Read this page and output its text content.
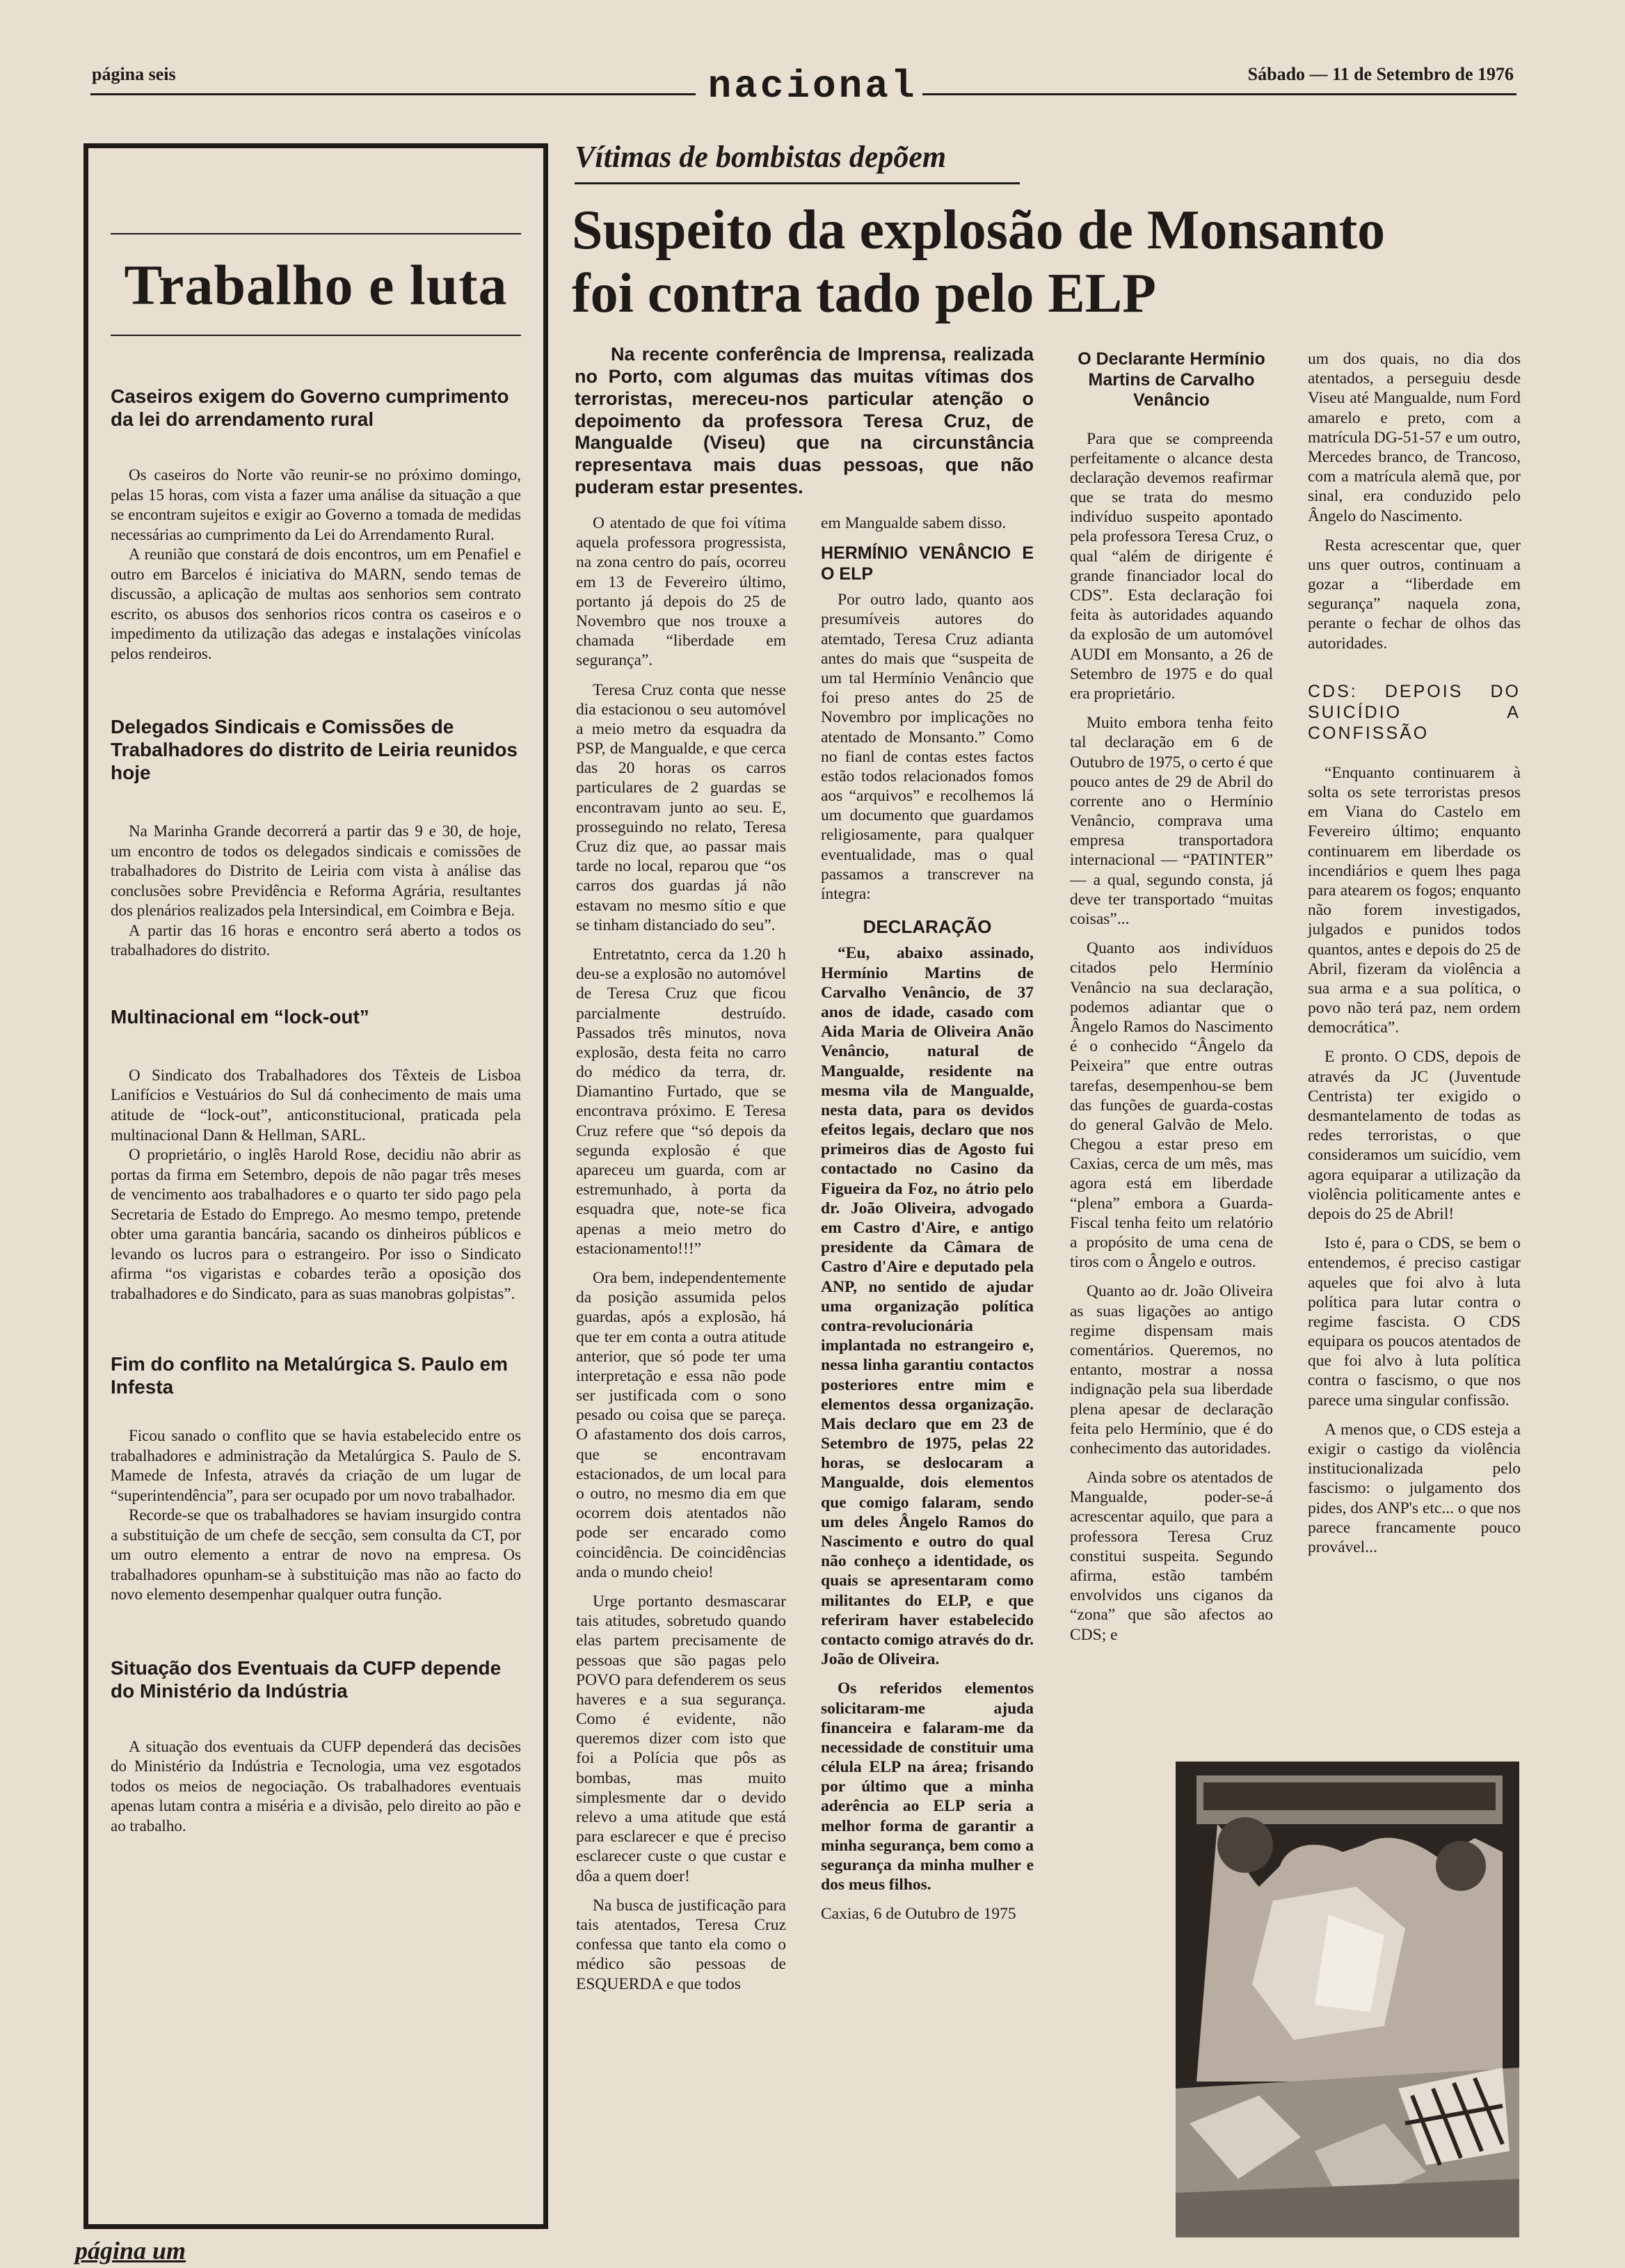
página seis	nacional	Sábado — 11 de Setembro de 1976
Trabalho e luta
Caseiros exigem do Governo cumprimento da lei do arrendamento rural

Os caseiros do Norte vão reunir-se no próximo domingo, pelas 15 horas, com vista a fazer uma análise da situação a que se encontram sujeitos e exigir ao Governo a tomada de medidas necessárias ao cumprimento da Lei do Arrendamento Rural.

A reunião que constará de dois encontros, um em Penafiel e outro em Barcelos é iniciativa do MARN, sendo temas de discussão, a aplicação de multas aos senhorios sem contrato escrito, os abusos dos senhorios ricos contra os caseiros e o impedimento da utilização das adegas e instalações vinícolas pelos rendeiros.

Delegados Sindicais e Comissões de Trabalhadores do distrito de Leiria reunidos hoje

Na Marinha Grande decorrerá a partir das 9 e 30, de hoje, um encontro de todos os delegados sindicais e comissões de trabalhadores do Distrito de Leiria com vista à análise das conclusões sobre Previdência e Reforma Agrária, resultantes dos plenários realizados pela Intersindical, em Coimbra e Beja.

A partir das 16 horas e encontro será aberto a todos os trabalhadores do distrito.

Multinacional em “lock-out”

O Sindicato dos Trabalhadores dos Têxteis de Lisboa Lanifícios e Vestuários do Sul dá conhecimento de mais uma atitude de “lock-out”, anticonstitucional, praticada pela multinacional Dann & Hellman, SARL.

O proprietário, o inglês Harold Rose, decidiu não abrir as portas da firma em Setembro, depois de não pagar três meses de vencimento aos trabalhadores e o quarto ter sido pago pela Secretaria de Estado do Emprego. Ao mesmo tempo, pretende obter uma garantia bancária, sacando os dinheiros públicos e levando os lucros para o estrangeiro. Por isso o Sindicato afirma “os vigaristas e cobardes terão a oposição dos trabalhadores e do Sindicato, para as suas manobras golpistas”.

Fim do conflito na Metalúrgica S. Paulo em Infesta

Ficou sanado o conflito que se havia estabelecido entre os trabalhadores e administração da Metalúrgica S. Paulo de S. Mamede de Infesta, através da criação de um lugar de “superintendência”, para ser ocupado por um novo trabalhador.

Recorde-se que os trabalhadores se haviam insurgido contra a substituição de um chefe de secção, sem consulta da CT, por um outro elemento a entrar de novo na empresa. Os trabalhadores opunham-se à substituição mas não ao facto do novo elemento desempenhar qualquer outra função.

Situação dos Eventuais da CUFP depende do Ministério da Indústria

A situação dos eventuais da CUFP dependerá das decisões do Ministério da Indústria e Tecnologia, uma vez esgotados todos os meios de negociação. Os trabalhadores eventuais apenas lutam contra a miséria e a divisão, pelo direito ao pão e ao trabalho.

Vítimas de bombistas depõem
Suspeito da explosão de Monsanto
foi contra tado pelo ELP
Na recente conferência de Imprensa, realizada no Porto, com algumas das muitas vítimas dos terroristas, mereceu-nos particular atenção o depoimento da professora Teresa Cruz, de Mangualde (Viseu) que na circunstância representava mais duas pessoas, que não puderam estar presentes.

O atentado de que foi vítima aquela professora progressista, na zona centro do país, ocorreu em 13 de Fevereiro último, portanto já depois do 25 de Novembro que nos trouxe a chamada “liberdade em segurança”.

Teresa Cruz conta que nesse dia estacionou o seu automóvel a meio metro da esquadra da PSP, de Mangualde, e que cerca das 20 horas os carros particulares de 2 guardas se encontravam junto ao seu. E, prosseguindo no relato, Teresa Cruz diz que, ao passar mais tarde no local, reparou que “os carros dos guardas já não estavam no mesmo sítio e que se tinham distanciado do seu”.

Entretatnto, cerca da 1.20 h deu-se a explosão no automóvel de Teresa Cruz que ficou parcialmente destruído. Passados três minutos, nova explosão, desta feita no carro do médico da terra, dr. Diamantino Furtado, que se encontrava próximo. E Teresa Cruz refere que “só depois da segunda explosão é que apareceu um guarda, com ar estremunhado, à porta da esquadra que, note-se fica apenas a meio metro do estacionamento!!!”

Ora bem, independentemente da posição assumida pelos guardas, após a explosão, há que ter em conta a outra atitude anterior, que só pode ter uma interpretação e essa não pode ser justificada com o sono pesado ou coisa que se pareça. O afastamento dos dois carros, que se encontravam estacionados, de um local para o outro, no mesmo dia em que ocorrem dois atentados não pode ser encarado como coincidência. De coincidências anda o mundo cheio!

Urge portanto desmascarar tais atitudes, sobretudo quando elas partem precisamente de pessoas que são pagas pelo POVO para defenderem os seus haveres e a sua segurança. Como é evidente, não queremos dizer com isto que foi a Polícia que pôs as bombas, mas muito simplesmente dar o devido relevo a uma atitude que está para esclarecer e que é preciso esclarecer custe o que custar e dôa a quem doer!

Na busca de justificação para tais atentados, Teresa Cruz confessa que tanto ela como o médico são pessoas de ESQUERDA e que todos

em Mangualde sabem disso.

HERMÍNIO VENÂNCIO E O ELP

Por outro lado, quanto aos presumíveis autores do atemtado, Teresa Cruz adianta antes do mais que “suspeita de um tal Hermínio Venâncio que foi preso antes do 25 de Novembro por implicações no atentado de Monsanto.” Como no fianl de contas estes factos estão todos relacionados fomos aos “arquivos” e recolhemos lá um documento que guardamos religiosamente, para qualquer eventualidade, mas o qual passamos a transcrever na íntegra:

DECLARAÇÃO

“Eu, abaixo assinado, Hermínio Martins de Carvalho Venâncio, de 37 anos de idade, casado com Aida Maria de Oliveira Anão Venâncio, natural de Mangualde, residente na mesma vila de Mangualde, nesta data, para os devidos efeitos legais, declaro que nos primeiros dias de Agosto fui contactado no Casino da Figueira da Foz, no átrio pelo dr. João Oliveira, advogado em Castro d'Aire, e antigo presidente da Câmara de Castro d'Aire e deputado pela ANP, no sentido de ajudar uma organização política contra-revolucionária implantada no estrangeiro e, nessa linha garantiu contactos posteriores entre mim e elementos dessa organização. Mais declaro que em 23 de Setembro de 1975, pelas 22 horas, se deslocaram a Mangualde, dois elementos que comigo falaram, sendo um deles Ângelo Ramos do Nascimento e outro do qual não conheço a identidade, os quais se apresentaram como militantes do ELP, e que referiram haver estabelecido contacto comigo através do dr. João de Oliveira.

Os referidos elementos solicitaram-me ajuda financeira e falaram-me da necessidade de constituir uma célula ELP na área; frisando por último que a minha aderência ao ELP seria a melhor forma de garantir a minha segurança, bem como a segurança da minha mulher e dos meus filhos.

Caxias, 6 de Outubro de 1975

O Declarante Hermínio Martins de Carvalho Venâncio

Para que se compreenda perfeitamente o alcance desta declaração devemos reafirmar que se trata do mesmo indivíduo suspeito apontado pela professora Teresa Cruz, o qual “além de dirigente é grande financiador local do CDS”. Esta declaração foi feita às autoridades aquando da explosão de um automóvel AUDI em Monsanto, a 26 de Setembro de 1975 e do qual era proprietário.

Muito embora tenha feito tal declaração em 6 de Outubro de 1975, o certo é que pouco antes de 29 de Abril do corrente ano o Hermínio Venâncio, comprava uma empresa transportadora internacional — “PATINTER” — a qual, segundo consta, já deve ter transportado “muitas coisas”...

Quanto aos indivíduos citados pelo Hermínio Venâncio na sua declaração, podemos adiantar que o Ângelo Ramos do Nascimento é o conhecido “Ângelo da Peixeira” que entre outras tarefas, desempenhou-se bem das funções de guarda-costas do general Galvão de Melo. Chegou a estar preso em Caxias, cerca de um mês, mas agora está em liberdade “plena” embora a Guarda-Fiscal tenha feito um relatório a propósito de uma cena de tiros com o Ângelo e outros.

Quanto ao dr. João Oliveira as suas ligações ao antigo regime dispensam mais comentários. Queremos, no entanto, mostrar a nossa indignação pela sua liberdade plena apesar de declaração feita pelo Hermínio, que é do conhecimento das autoridades.

Ainda sobre os atentados de Mangualde, poder-se-á acrescentar aquilo, que para a professora Teresa Cruz constitui suspeita. Segundo afirma, estão também envolvidos uns ciganos da “zona” que são afectos ao CDS; e

um dos quais, no dia dos atentados, a perseguiu desde Viseu até Mangualde, num Ford amarelo e preto, com a matrícula DG-51-57 e um outro, Mercedes branco, de Trancoso, com a matrícula alemã que, por sinal, era conduzido pelo Ângelo do Nascimento.

Resta acrescentar que, quer uns quer outros, continuam a gozar a “liberdade em segurança” naquela zona, perante o fechar de olhos das autoridades.

CDS: DEPOIS DO SUICÍDIO A CONFISSÃO

“Enquanto continuarem à solta os sete terroristas presos em Viana do Castelo em Fevereiro último; enquanto continuarem em liberdade os incendiários e quem lhes paga para atearem os fogos; enquanto não forem investigados, julgados e punidos todos quantos, antes e depois do 25 de Abril, fizeram da violência a sua arma e a sua política, o povo não terá paz, nem ordem democrática”.

E pronto. O CDS, depois de através da JC (Juventude Centrista) ter exigido o desmantelamento de todas as redes terroristas, o que consideramos um suicídio, vem agora equiparar a utilização da violência politicamente antes e depois do 25 de Abril!

Isto é, para o CDS, se bem o entendemos, é preciso castigar aqueles que foi alvo à luta política para lutar contra o regime fascista. O CDS equipara os poucos atentados de que foi alvo à luta política contra o fascismo, o que nos parece uma singular confissão.

A menos que, o CDS esteja a exigir o castigo da violência institucionalizada pelo fascismo: o julgamento dos pides, dos ANP's etc... o que nos parece francamente pouco provável...

página um
